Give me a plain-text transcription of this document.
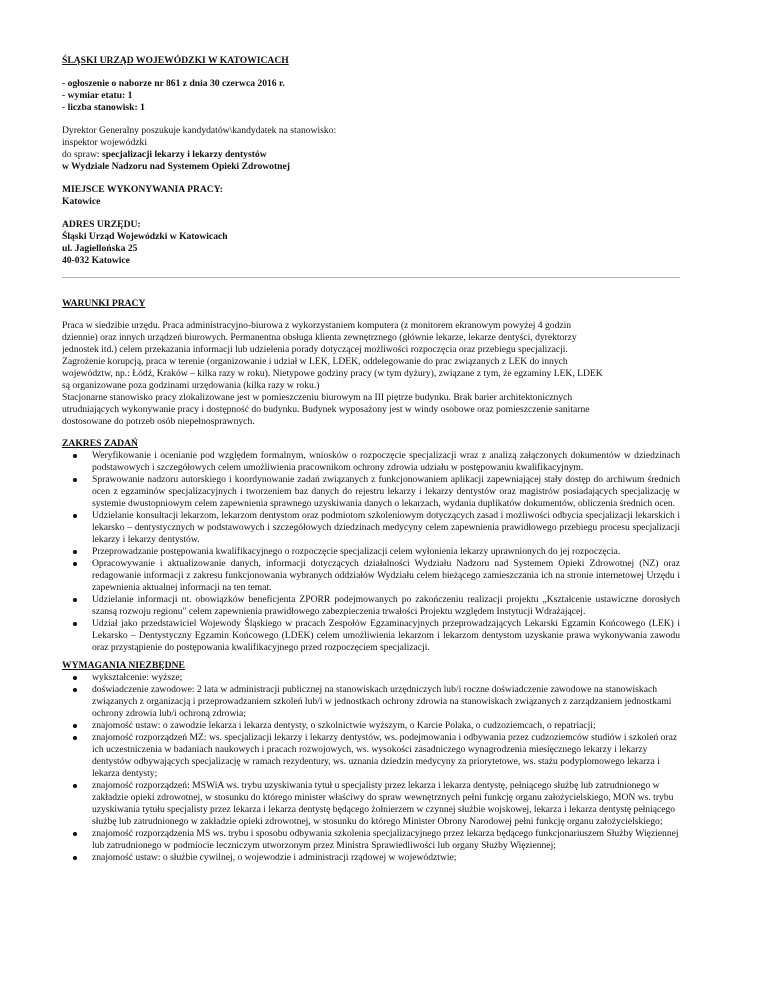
ŚLĄSKI URZĄD WOJEWÓDZKI W KATOWICACH
- ogłoszenie o naborze nr 861 z dnia 30 czerwca 2016 r.
- wymiar etatu: 1
- liczba stanowisk: 1
Dyrektor Generalny poszukuje kandydatów\kandydatek na stanowisko:
inspektor wojewódzki
do spraw: specjalizacji lekarzy i lekarzy dentystów
w Wydziale Nadzoru nad Systemem Opieki Zdrowotnej
MIEJSCE WYKONYWANIA PRACY:
Katowice
ADRES URZĘDU:
Śląski Urząd Wojewódzki w Katowicach
ul. Jagiellońska 25
40-032 Katowice
WARUNKI PRACY
Praca w siedzibie urzędu. Praca administracyjno-biurowa z wykorzystaniem komputera (z monitorem ekranowym powyżej 4 godzin
dziennie) oraz innych urządzeń biurowych. Permanentna obsługa klienta zewnętrznego (głównie lekarze, lekarze dentyści, dyrektorzy
jednostek itd.) celem przekazania informacji lub udzielenia porady dotyczącej możliwości rozpoczęcia oraz przebiegu specjalizacji.
Zagrożenie korupcją, praca w terenie (organizowanie i udział w LEK, LDEK, oddelegowanie do prac związanych z LEK do innych
województw, np.: Łódź, Kraków – kilka razy w roku). Nietypowe godziny pracy (w tym dyżury), związane z tym, że egzaminy LEK, LDEK
są organizowane poza godzinami urzędowania (kilka razy w roku.)
Stacjonarne stanowisko pracy zlokalizowane jest w pomieszczeniu biurowym na III piętrze budynku. Brak barier architektonicznych
utrudniających wykonywanie pracy i dostępność do budynku. Budynek wyposażony jest w windy osobowe oraz pomieszczenie sanitarne
dostosowane do potrzeb osób niepełnosprawnych.
ZAKRES ZADAŃ
Weryfikowanie i ocenianie pod względem formalnym, wniosków o rozpoczęcie specjalizacji wraz z analizą załączonych dokumentów w dziedzinach podstawowych i szczegółowych celem umożliwienia pracownikom ochrony zdrowia udziału w postępowaniu kwalifikacyjnym.
Sprawowanie nadzoru autorskiego i koordynowanie zadań związanych z funkcjonowaniem aplikacji zapewniającej stały dostęp do archiwum średnich ocen z egzaminów specjalizacyjnych i tworzeniem baz danych do rejestru lekarzy i lekarzy dentystów oraz magistrów posiadających specjalizację w systemie dwustopniowym celem zapewnienia sprawnego uzyskiwania danych o lekarzach, wydania duplikatów dokumentów, obliczenia średnich ocen.
Udzielanie konsultacji lekarzom, lekarzom dentystom oraz podmiotom szkoleniowym dotyczących zasad i możliwości odbycia specjalizacji lekarskich i lekarsko – dentystycznych w podstawowych i szczegółowych dziedzinach medycyny celem zapewnienia prawidłowego przebiegu procesu specjalizacji lekarzy i lekarzy dentystów.
Przeprowadzanie postępowania kwalifikacyjnego o rozpoczęcie specjalizacji celem wyłonienia lekarzy uprawnionych do jej rozpoczęcia.
Opracowywanie i aktualizowanie danych, informacji dotyczących działalności Wydziału Nadzoru nad Systemem Opieki Zdrowotnej (NZ) oraz redagowanie informacji z zakresu funkcjonowania wybranych oddziałów Wydziału celem bieżącego zamieszczania ich na stronie internetowej Urzędu i zapewnienia aktualnej informacji na ten temat.
Udzielanie informacji nt. obowiązków beneficjenta ZPORR podejmowanych po zakończeniu realizacji projektu „Kształcenie ustawiczne dorosłych szansą rozwoju regionu" celem zapewnienia prawidłowego zabezpieczenia trwałości Projektu względem Instytucji Wdrażającej.
Udział jako przedstawiciel Wojewody Śląskiego w pracach Zespołów Egzaminacyjnych przeprowadzających Lekarski Egzamin Końcowego (LEK) i Lekarsko – Dentystyczny Egzamin Końcowego (LDEK) celem umożliwienia lekarzom i lekarzom dentystom uzyskanie prawa wykonywania zawodu oraz przystąpienie do postępowania kwalifikacyjnego przed rozpoczęciem specjalizacji.
WYMAGANIA NIEZBĘDNE
wykształcenie: wyższe;
doświadczenie zawodowe: 2 lata w administracji publicznej na stanowiskach urzędniczych lub/i roczne doświadczenie zawodowe na stanowiskach związanych z organizacją i przeprowadzaniem szkoleń lub/i w jednostkach ochrony zdrowia na stanowiskach związanych z zarządzaniem jednostkami ochrony zdrowia lub/i ochroną zdrowia;
znajomość ustaw: o zawodzie lekarza i lekarza dentysty, o szkolnictwie wyższym, o Karcie Polaka, o cudzoziemcach, o repatriacji;
znajomość rozporządzeń MZ: ws. specjalizacji lekarzy i lekarzy dentystów, ws. podejmowania i odbywania przez cudzoziemców studiów i szkoleń oraz ich uczestniczenia w badaniach naukowych i pracach rozwojowych, ws. wysokości zasadniczego wynagrodzenia miesięcznego lekarzy i lekarzy dentystów odbywających specjalizację w ramach rezydentury, ws. uznania dziedzin medycyny za priorytetowe, ws. stażu podyplomowego lekarza i lekarza dentysty;
znajomość rozporządzeń: MSWiA ws. trybu uzyskiwania tytuł u specjalisty przez lekarza i lekarza dentystę, pełniącego służbę lub zatrudnionego w zakładzie opieki zdrowotnej, w stosunku do którego minister właściwy do spraw wewnętrznych pełni funkcję organu założycielskiego, MON ws. trybu uzyskiwania tytułu specjalisty przez lekarza i lekarza dentystę będącego żołnierzem w czynnej służbie wojskowej, lekarza i lekarza dentystę pełniącego służbę lub zatrudnionego w zakładzie opieki zdrowotnej, w stosunku do którego Minister Obrony Narodowej pełni funkcję organu założycielskiego;
znajomość rozporządzenia MS ws. trybu i sposobu odbywania szkolenia specjalizacyjnego przez lekarza będącego funkcjonariuszem Służby Więziennej lub zatrudnionego w podmiocie leczniczym utworzonym przez Ministra Sprawiedliwości lub organy Służby Więziennej;
znajomość ustaw: o służbie cywilnej, o wojewodzie i administracji rządowej w województwie;
